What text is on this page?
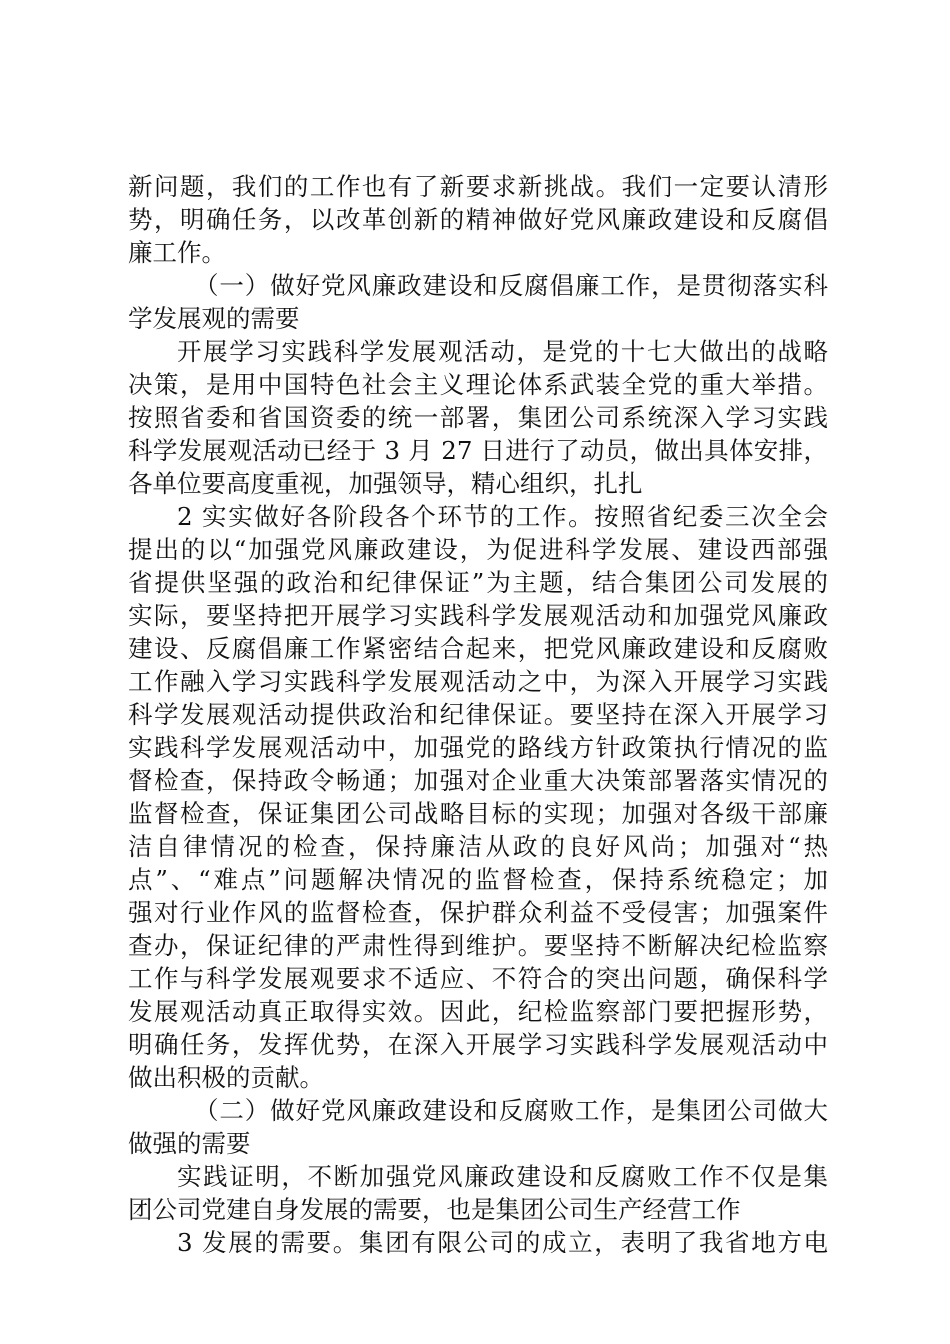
新问题，我们的工作也有了新要求新挑战。我们一定要认清形
势，明确任务，以改革创新的精神做好党风廉政建设和反腐倡
廉工作。
（一）做好党风廉政建设和反腐倡廉工作，是贯彻落实科
学发展观的需要
开展学习实践科学发展观活动，是党的十七大做出的战略
决策，是用中国特色社会主义理论体系武装全党的重大举措。
按照省委和省国资委的统一部署，集团公司系统深入学习实践
科学发展观活动已经于 3 月 27 日进行了动员，做出具体安排，
各单位要高度重视，加强领导，精心组织，扎扎
2 实实做好各阶段各个环节的工作。按照省纪委三次全会
提出的以“加强党风廉政建设，为促进科学发展、建设西部强
省提供坚强的政治和纪律保证”为主题，结合集团公司发展的
实际，要坚持把开展学习实践科学发展观活动和加强党风廉政
建设、反腐倡廉工作紧密结合起来，把党风廉政建设和反腐败
工作融入学习实践科学发展观活动之中，为深入开展学习实践
科学发展观活动提供政治和纪律保证。要坚持在深入开展学习
实践科学发展观活动中，加强党的路线方针政策执行情况的监
督检查，保持政令畅通；加强对企业重大决策部署落实情况的
监督检查，保证集团公司战略目标的实现；加强对各级干部廉
洁自律情况的检查，保持廉洁从政的良好风尚；加强对“热
点”、“难点”问题解决情况的监督检查，保持系统稳定；加
强对行业作风的监督检查，保护群众利益不受侵害；加强案件
查办，保证纪律的严肃性得到维护。要坚持不断解决纪检监察
工作与科学发展观要求不适应、不符合的突出问题，确保科学
发展观活动真正取得实效。因此，纪检监察部门要把握形势，
明确任务，发挥优势，在深入开展学习实践科学发展观活动中
做出积极的贡献。
（二）做好党风廉政建设和反腐败工作，是集团公司做大
做强的需要
实践证明，不断加强党风廉政建设和反腐败工作不仅是集
团公司党建自身发展的需要，也是集团公司生产经营工作
3 发展的需要。集团有限公司的成立，表明了我省地方电
